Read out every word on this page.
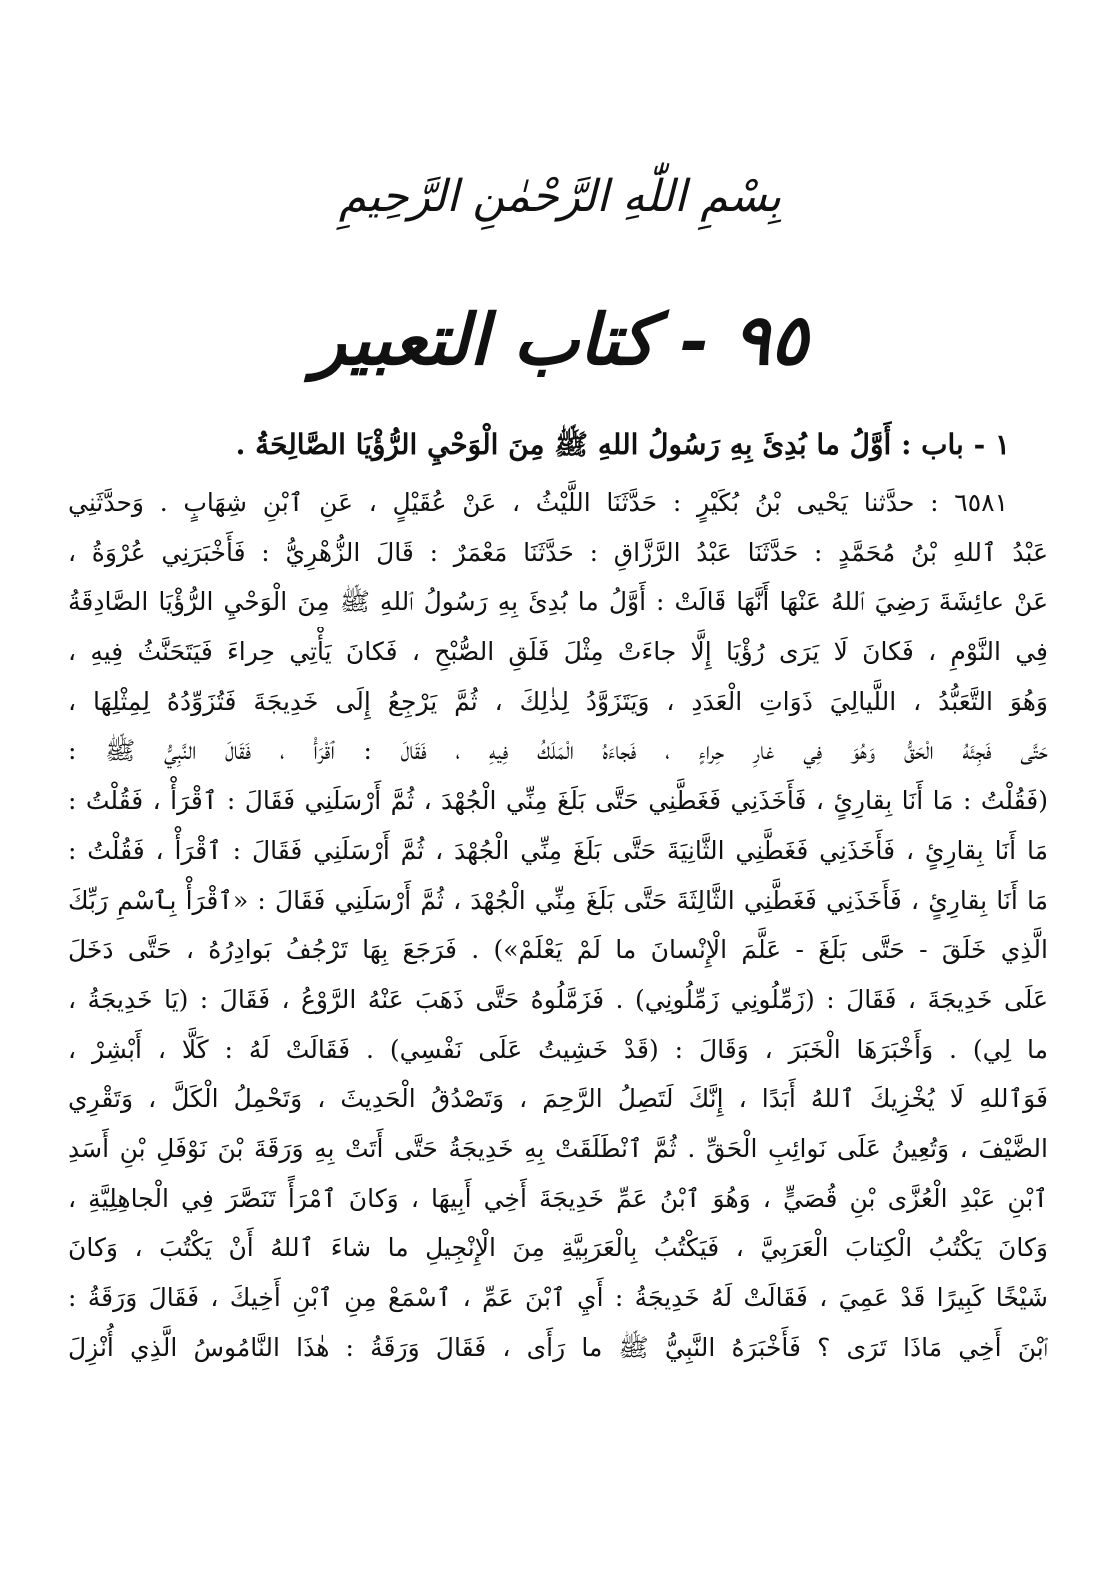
بِسْمِ اللّٰهِ الرَّحْمٰنِ الرَّحِيمِ
٩٥ - كتاب التعبير
١ - باب : أَوَّلُ ما بُدِئَ بِهِ رَسُولُ اللهِ ﷺ مِنَ الْوَحْيِ الرُّؤْيَا الصَّالِحَةُ .
٦٥٨١ : حدَّثنا يَحْيى بْنُ بُكَيْرٍ : حَدَّثَنَا اللَّيْثُ ، عَنْ عُقَيْلٍ ، عَنِ ٱبْنِ شِهَابٍ . وَحدَّثَنِي
عَبْدُ ٱللهِ بْنُ مُحَمَّدٍ : حَدَّثَنَا عَبْدُ الرَّزَّاقِ : حَدَّثَنَا مَعْمَرٌ : قَالَ الزُّهْرِيُّ : فَأَخْبَرَنِي عُرْوَةُ ،
عَنْ عائِشَةَ رَضِيَ ٱللهُ عَنْهَا أَنَّهَا قَالَتْ : أَوَّلُ ما بُدِئَ بِهِ رَسُولُ ٱللهِ ﷺ مِنَ الْوَحْيِ الرُّؤْيَا الصَّادِقَةُ
فِي النَّوْمِ ، فَكانَ لَا يَرَى رُؤْيَا إِلَّا جاءَتْ مِثْلَ فَلَقِ الصُّبْحِ ، فَكانَ يَأْتِي حِراءَ فَيَتَحَنَّثُ فِيهِ ،
وَهُوَ التَّعَبُّدُ ، اللَّيالِيَ ذَوَاتِ الْعَدَدِ ، وَيَتَزَوَّدُ لِذٰلِكَ ، ثُمَّ يَرْجِعُ إِلَى خَدِيجَةَ فَتُزَوِّدُهُ لِمِثْلِهَا ،
حَتَّى فَجِئَهُ الْحَقُّ وَهُوَ فِي غارِ حِراءٍ ، فَجاءَهُ الْمَلَكُ فِيهِ ، فَقَالَ : ٱقْرَأْ ، فَقَالَ النَّبِيُّ ﷺ :
(فَقُلْتُ : مَا أَنَا بِقارِئٍ ، فَأَخَذَنِي فَغَطَّنِي حَتَّى بَلَغَ مِنِّي الْجُهْدَ ، ثُمَّ أَرْسَلَنِي فَقَالَ : ٱقْرَأْ ، فَقُلْتُ :
مَا أَنَا بِقارِئٍ ، فَأَخَذَنِي فَغَطَّنِي الثَّانِيَةَ حَتَّى بَلَغَ مِنِّي الْجُهْدَ ، ثُمَّ أَرْسَلَنِي فَقَالَ : ٱقْرَأْ ، فَقُلْتُ :
مَا أَنَا بِقارِئٍ ، فَأَخَذَنِي فَغَطَّنِي الثَّالِثَةَ حَتَّى بَلَغَ مِنِّي الْجُهْدَ ، ثُمَّ أَرْسَلَنِي فَقَالَ : «ٱقْرَأْ بِٱسْمِ رَبِّكَ
الَّذِي خَلَقَ - حَتَّى بَلَغَ - عَلَّمَ الْإِنْسانَ ما لَمْ يَعْلَمْ») . فَرَجَعَ بِهَا تَرْجُفُ بَوادِرُهُ ، حَتَّى دَخَلَ
عَلَى خَدِيجَةَ ، فَقَالَ : (زَمِّلُونِي زَمِّلُونِي) . فَزَمَّلُوهُ حَتَّى ذَهَبَ عَنْهُ الرَّوْعُ ، فَقَالَ : (يَا خَدِيجَةُ ،
ما لِي) . وَأَخْبَرَهَا الْخَبَرَ ، وَقَالَ : (قَدْ خَشِيتُ عَلَى نَفْسِي) . فَقَالَتْ لَهُ : كَلَّا ، أَبْشِرْ ،
فَوَٱللهِ لَا يُخْزِيكَ ٱللهُ أَبَدًا ، إِنَّكَ لَتَصِلُ الرَّحِمَ ، وَتَصْدُقُ الْحَدِيثَ ، وَتَحْمِلُ الْكَلَّ ، وَتَقْرِي
الضَّيْفَ ، وَتُعِينُ عَلَى نَوائِبِ الْحَقِّ . ثُمَّ ٱنْطَلَقَتْ بِهِ خَدِيجَةُ حَتَّى أَتَتْ بِهِ وَرَقَةَ بْنَ نَوْفَلِ بْنِ أَسَدِ
ٱبْنِ عَبْدِ الْعُزَّى بْنِ قُصَيٍّ ، وَهُوَ ٱبْنُ عَمِّ خَدِيجَةَ أَخِي أَبِيهَا ، وَكانَ ٱمْرَأً تَنَصَّرَ فِي الْجاهِلِيَّةِ ،
وَكانَ يَكْتُبُ الْكِتابَ الْعَرَبِيَّ ، فَيَكْتُبُ بِالْعَرَبِيَّةِ مِنَ الْإِنْجِيلِ ما شاءَ ٱللهُ أَنْ يَكْتُبَ ، وَكانَ
شَيْخًا كَبِيرًا قَدْ عَمِيَ ، فَقَالَتْ لَهُ خَدِيجَةُ : أَيِ ٱبْنَ عَمِّ ، ٱسْمَعْ مِنِ ٱبْنِ أَخِيكَ ، فَقَالَ وَرَقَةُ :
ٱبْنَ أَخِي مَاذَا تَرَى ؟ فَأَخْبَرَهُ النَّبِيُّ ﷺ ما رَأَى ، فَقَالَ وَرَقَةُ : هٰذَا النَّامُوسُ الَّذِي أُنْزِلَ
